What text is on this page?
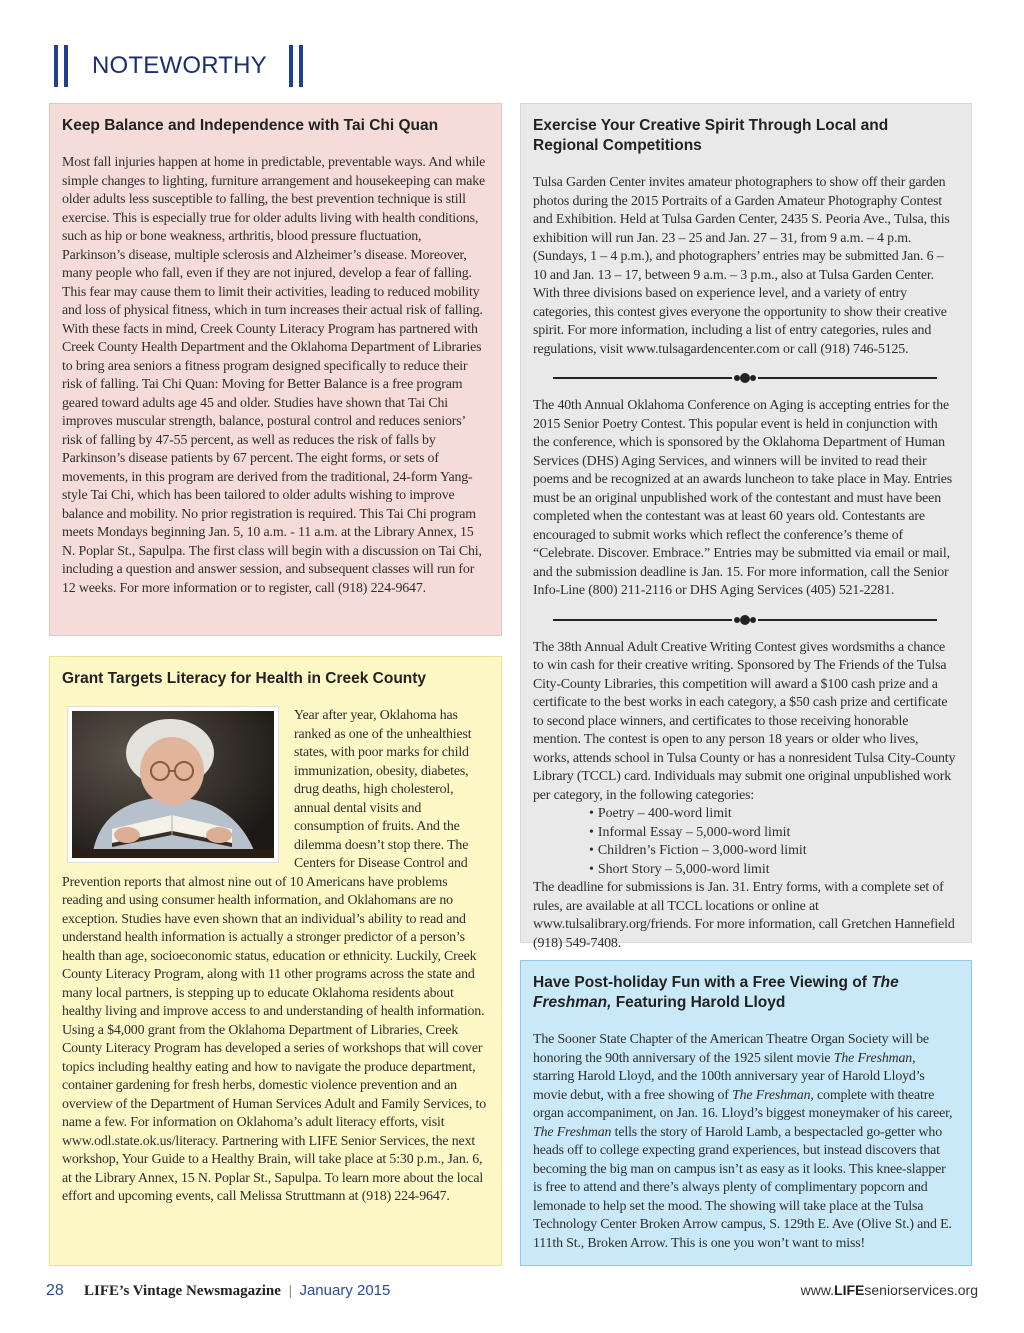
NOTEWORTHY
Keep Balance and Independence with Tai Chi Quan

Most fall injuries happen at home in predictable, preventable ways. And while simple changes to lighting, furniture arrangement and housekeeping can make older adults less susceptible to falling, the best prevention technique is still exercise. This is especially true for older adults living with health conditions, such as hip or bone weakness, arthritis, blood pressure fluctuation, Parkinson’s disease, multiple sclerosis and Alzheimer’s disease. Moreover, many people who fall, even if they are not injured, develop a fear of falling. This fear may cause them to limit their activities, leading to reduced mobility and loss of physical fitness, which in turn increases their actual risk of falling. With these facts in mind, Creek County Literacy Program has partnered with Creek County Health Department and the Oklahoma Department of Libraries to bring area seniors a fitness program designed specifically to reduce their risk of falling. Tai Chi Quan: Moving for Better Balance is a free program geared toward adults age 45 and older. Studies have shown that Tai Chi improves muscular strength, balance, postural control and reduces seniors’ risk of falling by 47-55 percent, as well as reduces the risk of falls by Parkinson’s disease patients by 67 percent. The eight forms, or sets of movements, in this program are derived from the traditional, 24-form Yang-style Tai Chi, which has been tailored to older adults wishing to improve balance and mobility. No prior registration is required. This Tai Chi program meets Mondays beginning Jan. 5, 10 a.m. - 11 a.m. at the Library Annex, 15 N. Poplar St., Sapulpa. The first class will begin with a discussion on Tai Chi, including a question and answer session, and subsequent classes will run for 12 weeks. For more information or to register, call (918) 224-9647.

Grant Targets Literacy for Health in Creek County

Year after year, Oklahoma has ranked as one of the unhealthiest states, with poor marks for child immunization, obesity, diabetes, drug deaths, high cholesterol, annual dental visits and consumption of fruits. And the dilemma doesn’t stop there. The Centers for Disease Control and Prevention reports that almost nine out of 10 Americans have problems reading and using consumer health information, and Oklahomans are no exception. Studies have even shown that an individual’s ability to read and understand health information is actually a stronger predictor of a person’s health than age, socioeconomic status, education or ethnicity. Luckily, Creek County Literacy Program, along with 11 other programs across the state and many local partners, is stepping up to educate Oklahoma residents about healthy living and improve access to and understanding of health information. Using a $4,000 grant from the Oklahoma Department of Libraries, Creek County Literacy Program has developed a series of workshops that will cover topics including healthy eating and how to navigate the produce department, container gardening for fresh herbs, domestic violence prevention and an overview of the Department of Human Services Adult and Family Services, to name a few. For information on Oklahoma’s adult literacy efforts, visit www.odl.state.ok.us/literacy. Partnering with LIFE Senior Services, the next workshop, Your Guide to a Healthy Brain, will take place at 5:30 p.m., Jan. 6, at the Library Annex, 15 N. Poplar St., Sapulpa. To learn more about the local effort and upcoming events, call Melissa Struttmann at (918) 224-9647.

Exercise Your Creative Spirit Through Local and Regional Competitions

Tulsa Garden Center invites amateur photographers to show off their garden photos during the 2015 Portraits of a Garden Amateur Photography Contest and Exhibition. Held at Tulsa Garden Center, 2435 S. Peoria Ave., Tulsa, this exhibition will run Jan. 23 – 25 and Jan. 27 – 31, from 9 a.m. – 4 p.m. (Sundays, 1 – 4 p.m.), and photographers’ entries may be submitted Jan. 6 – 10 and Jan. 13 – 17, between 9 a.m. – 3 p.m., also at Tulsa Garden Center. With three divisions based on experience level, and a variety of entry categories, this contest gives everyone the opportunity to show their creative spirit. For more information, including a list of entry categories, rules and regulations, visit www.tulsagardencenter.com or call (918) 746-5125.

The 40th Annual Oklahoma Conference on Aging is accepting entries for the 2015 Senior Poetry Contest. This popular event is held in conjunction with the conference, which is sponsored by the Oklahoma Department of Human Services (DHS) Aging Services, and winners will be invited to read their poems and be recognized at an awards luncheon to take place in May. Entries must be an original unpublished work of the contestant and must have been completed when the contestant was at least 60 years old. Contestants are encouraged to submit works which reflect the conference’s theme of “Celebrate. Discover. Embrace.” Entries may be submitted via email or mail, and the submission deadline is Jan. 15. For more information, call the Senior Info-Line (800) 211-2116 or DHS Aging Services (405) 521-2281.

The 38th Annual Adult Creative Writing Contest gives wordsmiths a chance to win cash for their creative writing. Sponsored by The Friends of the Tulsa City-County Libraries, this competition will award a $100 cash prize and a certificate to the best works in each category, a $50 cash prize and certificate to second place winners, and certificates to those receiving honorable mention. The contest is open to any person 18 years or older who lives, works, attends school in Tulsa County or has a nonresident Tulsa City-County Library (TCCL) card. Individuals may submit one original unpublished work per category, in the following categories:

• Poetry – 400-word limit
• Informal Essay – 5,000-word limit
• Children’s Fiction – 3,000-word limit
• Short Story – 5,000-word limit

The deadline for submissions is Jan. 31. Entry forms, with a complete set of rules, are available at all TCCL locations or online at www.tulsalibrary.org/friends. For more information, call Gretchen Hannefield (918) 549-7408.

Have Post-holiday Fun with a Free Viewing of The Freshman, Featuring Harold Lloyd

The Sooner State Chapter of the American Theatre Organ Society will be honoring the 90th anniversary of the 1925 silent movie The Freshman, starring Harold Lloyd, and the 100th anniversary year of Harold Lloyd’s movie debut, with a free showing of The Freshman, complete with theatre organ accompaniment, on Jan. 16. Lloyd’s biggest moneymaker of his career, The Freshman tells the story of Harold Lamb, a bespectacled go-getter who heads off to college expecting grand experiences, but instead discovers that becoming the big man on campus isn’t as easy as it looks. This knee-slapper is free to attend and there’s always plenty of complimentary popcorn and lemonade to help set the mood. The showing will take place at the Tulsa Technology Center Broken Arrow campus, S. 129th E. Ave (Olive St.) and E. 111th St., Broken Arrow. This is one you won’t want to miss!

28 LIFE’s Vintage Newsmagazine | January 2015	www.LIFEseniorservices.org
